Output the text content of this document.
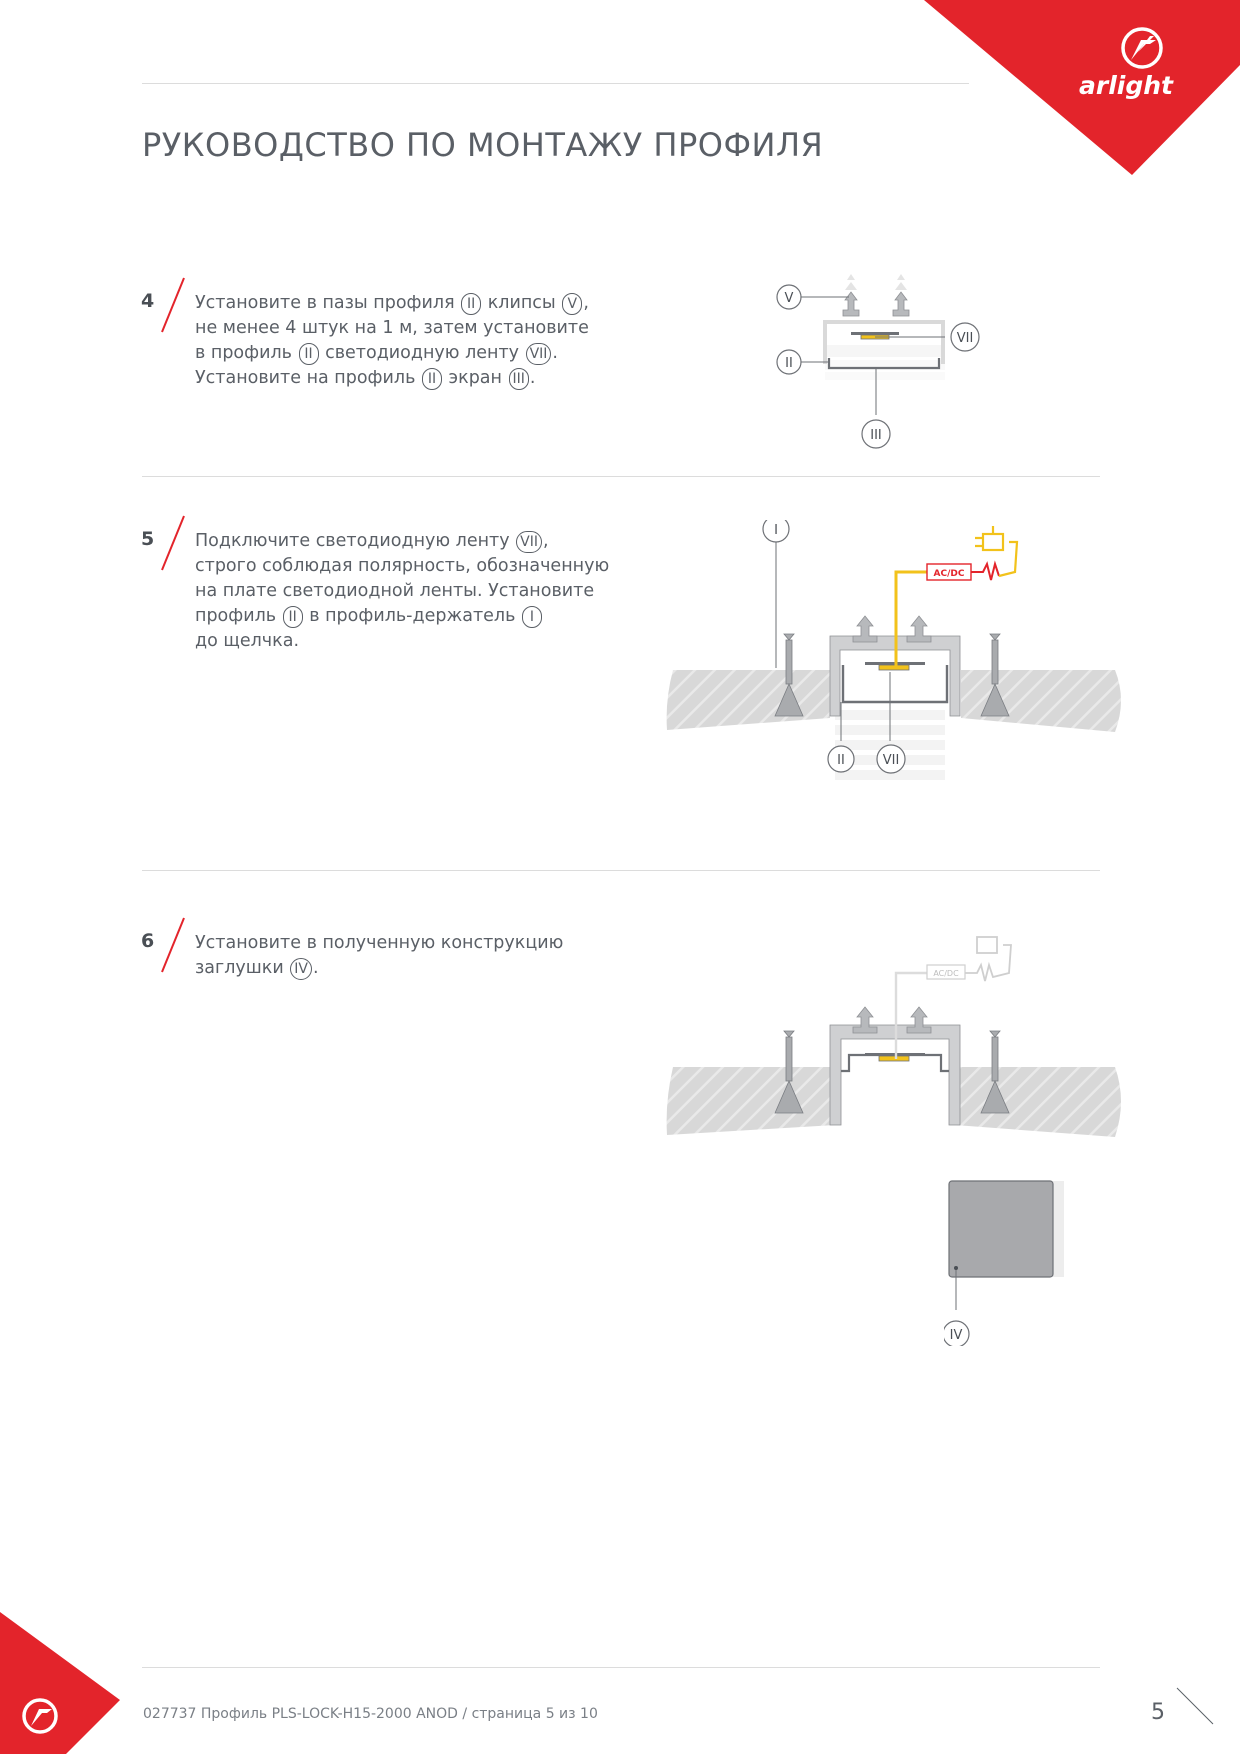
arlight
РУКОВОДСТВО ПО МОНТАЖУ ПРОФИЛЯ
4 Установите в пазы профиля II клипсы V ,
не менее 4 штук на 1 м, затем установите
в профиль II светодиодную ленту VII .
Установите на профиль II экран III .
V
VII
II
III
5 Подключите светодиодную ленту VII ,
строго соблюдая полярность, обозначенную
на плате светодиодной ленты. Установите
профиль II в профиль-держатель I
до щелчка.
AC/DC
I
II	VII
6 Установите в полученную конструкцию
заглушки IV .	AC/DC
IV
027737 Профиль PLS-LOCK-H15-2000 ANOD / страница 5 из 10	5
